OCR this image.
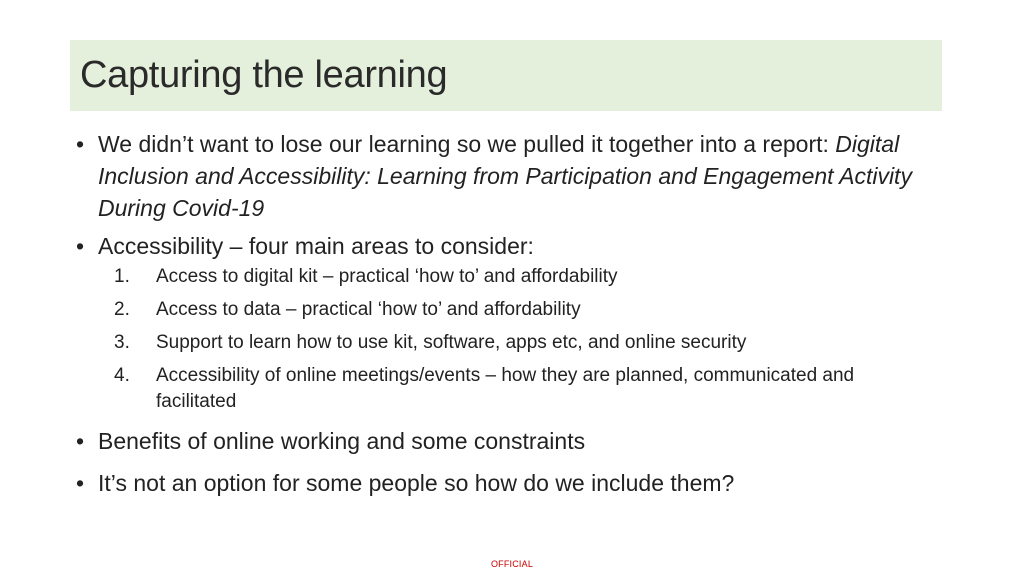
Capturing the learning
• We didn’t want to lose our learning so we pulled it together into a report: Digital Inclusion and Accessibility: Learning from Participation and Engagement Activity During Covid-19
• Accessibility – four main areas to consider:
1. Access to digital kit – practical ‘how to’ and affordability
2. Access to data – practical ‘how to’ and affordability
3. Support to learn how to use kit, software, apps etc, and online security
4. Accessibility of online meetings/events – how they are planned, communicated and facilitated
• Benefits of online working and some constraints
• It’s not an option for some people so how do we include them?
OFFICIAL
